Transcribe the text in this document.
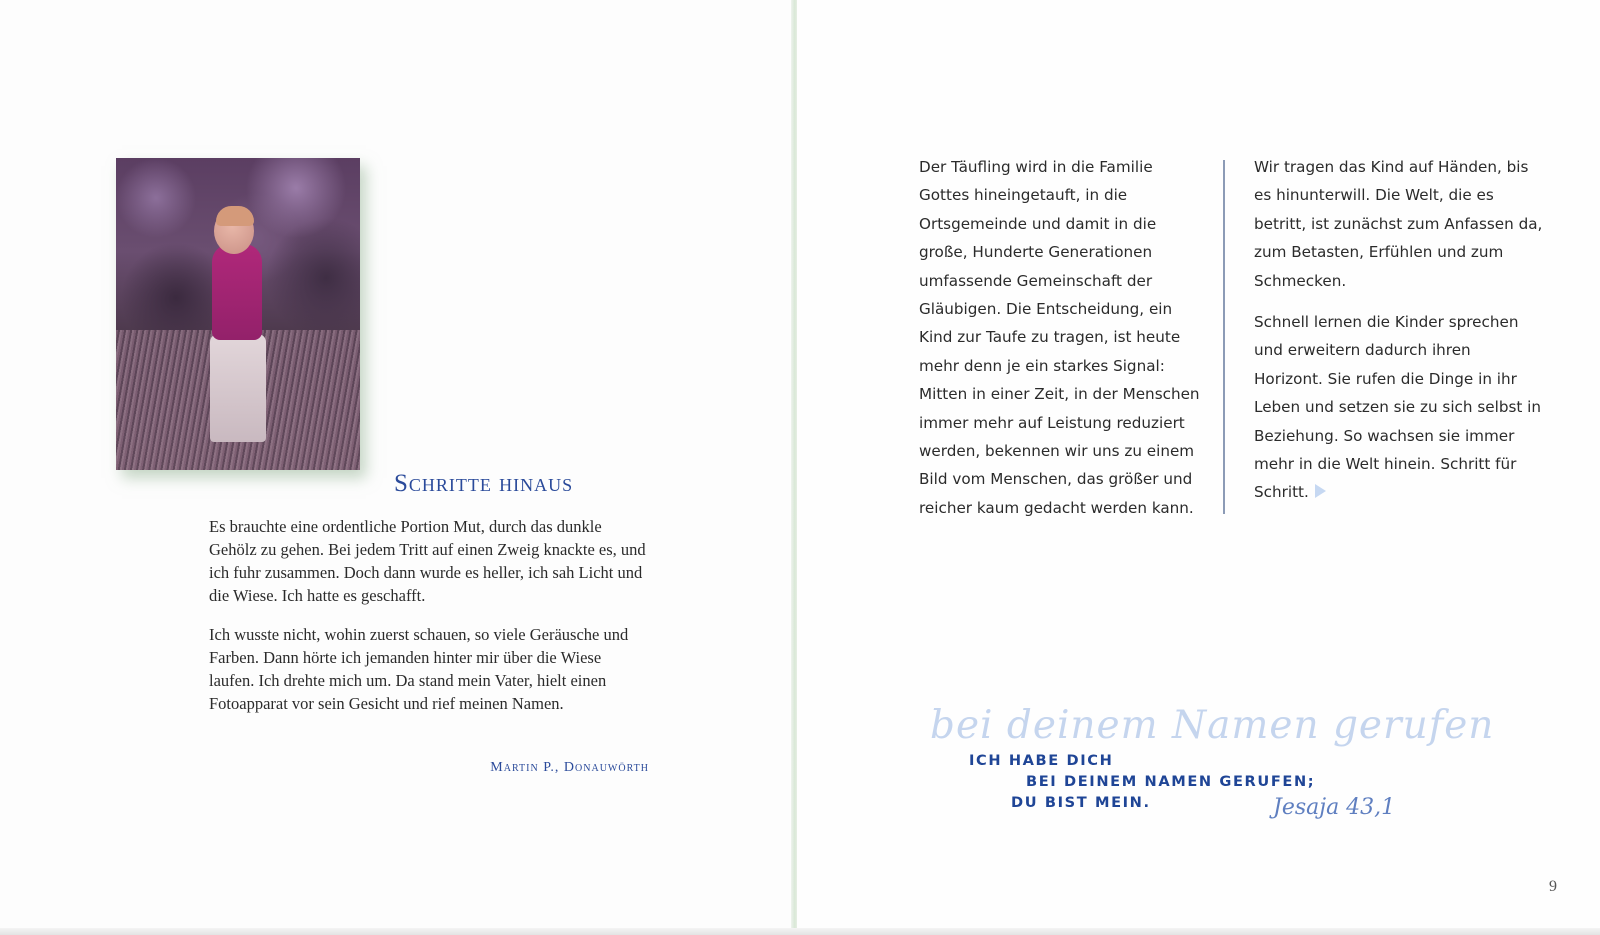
Schritte hinaus

Es brauchte eine ordentliche Portion Mut, durch das dunkle Gehölz zu gehen. Bei jedem Tritt auf einen Zweig knackte es, und ich fuhr zusammen. Doch dann wurde es heller, ich sah Licht und die Wiese. Ich hatte es geschafft.

Ich wusste nicht, wohin zuerst schauen, so viele Geräusche und Farben. Dann hörte ich jemanden hinter mir über die Wiese laufen. Ich drehte mich um. Da stand mein Vater, hielt einen Fotoapparat vor sein Gesicht und rief meinen Namen.

Martin P., Donauwörth

Der Täufling wird in die Familie Gottes hineingetauft, in die Ortsgemeinde und damit in die große, Hunderte Generationen umfassende Gemeinschaft der Gläubigen. Die Entscheidung, ein Kind zur Taufe zu tragen, ist heute mehr denn je ein starkes Signal: Mitten in einer Zeit, in der Menschen immer mehr auf Leistung reduziert werden, bekennen wir uns zu einem Bild vom Menschen, das größer und reicher kaum gedacht werden kann.

Wir tragen das Kind auf Händen, bis es hinunterwill. Die Welt, die es betritt, ist zunächst zum Anfassen da, zum Betasten, Erfühlen und zum Schmecken.

Schnell lernen die Kinder sprechen und erweitern dadurch ihren Horizont. Sie rufen die Dinge in ihr Leben und setzen sie zu sich selbst in Beziehung. So wachsen sie immer mehr in die Welt hinein. Schritt für Schritt.

bei deinem Namen gerufen
ICH HABE DICH
BEI DEINEM NAMEN GERUFEN;
DU BIST MEIN.	Jesaja 43,1
9
